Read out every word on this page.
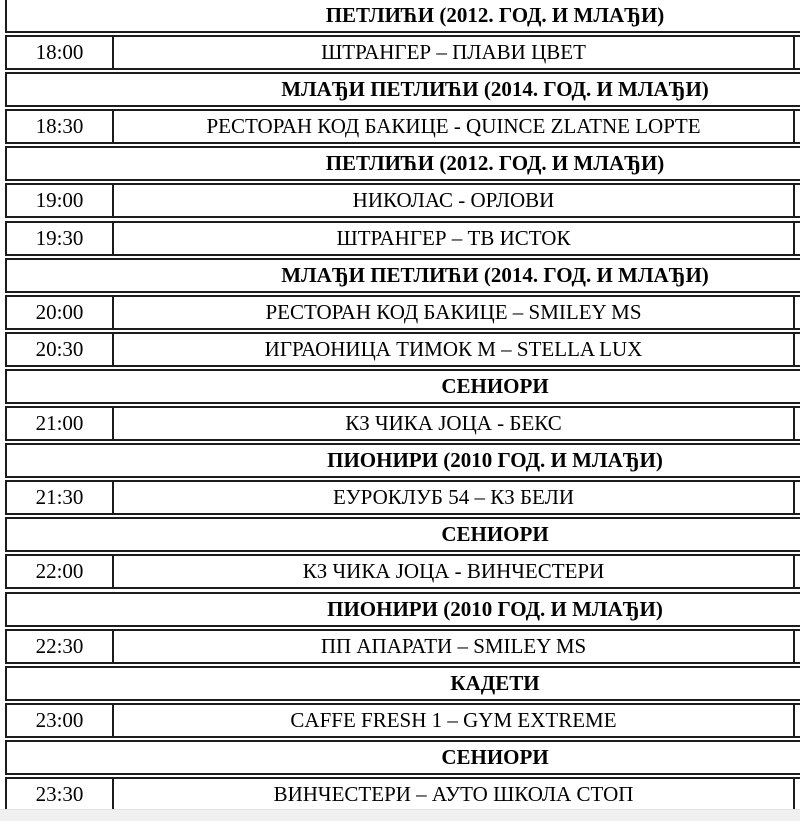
ПЕТЛИЋИ (2012. ГОД. И МЛАЂИ)
18:00	ШТРАНГЕР – ПЛАВИ ЦВЕТ
МЛАЂИ ПЕТЛИЋИ (2014. ГОД. И МЛАЂИ)
18:30	РЕСТОРАН КОД БАКИЦЕ - QUINCE ZLATNE LOPTE
ПЕТЛИЋИ (2012. ГОД. И МЛАЂИ)
19:00	НИКОЛАС - ОРЛОВИ
19:30	ШТРАНГЕР – ТВ ИСТОК
МЛАЂИ ПЕТЛИЋИ (2014. ГОД. И МЛАЂИ)
20:00	РЕСТОРАН КОД БАКИЦЕ – SMILEY MS
20:30	ИГРАОНИЦА ТИМОК М – STELLA LUX
СЕНИОРИ
21:00	КЗ ЧИКА ЈОЦА - БЕКС
ПИОНИРИ (2010 ГОД. И МЛАЂИ)
21:30	ЕУРОКЛУБ 54 – КЗ БЕЛИ
СЕНИОРИ
22:00	КЗ ЧИКА ЈОЦА - ВИНЧЕСТЕРИ
ПИОНИРИ (2010 ГОД. И МЛАЂИ)
22:30	ПП АПАРАТИ – SMILEY MS
КАДЕТИ
23:00	CAFFE FRESH 1 – GYM EXTREME
СЕНИОРИ
23:30	ВИНЧЕСТЕРИ – АУТО ШКОЛА СТОП
